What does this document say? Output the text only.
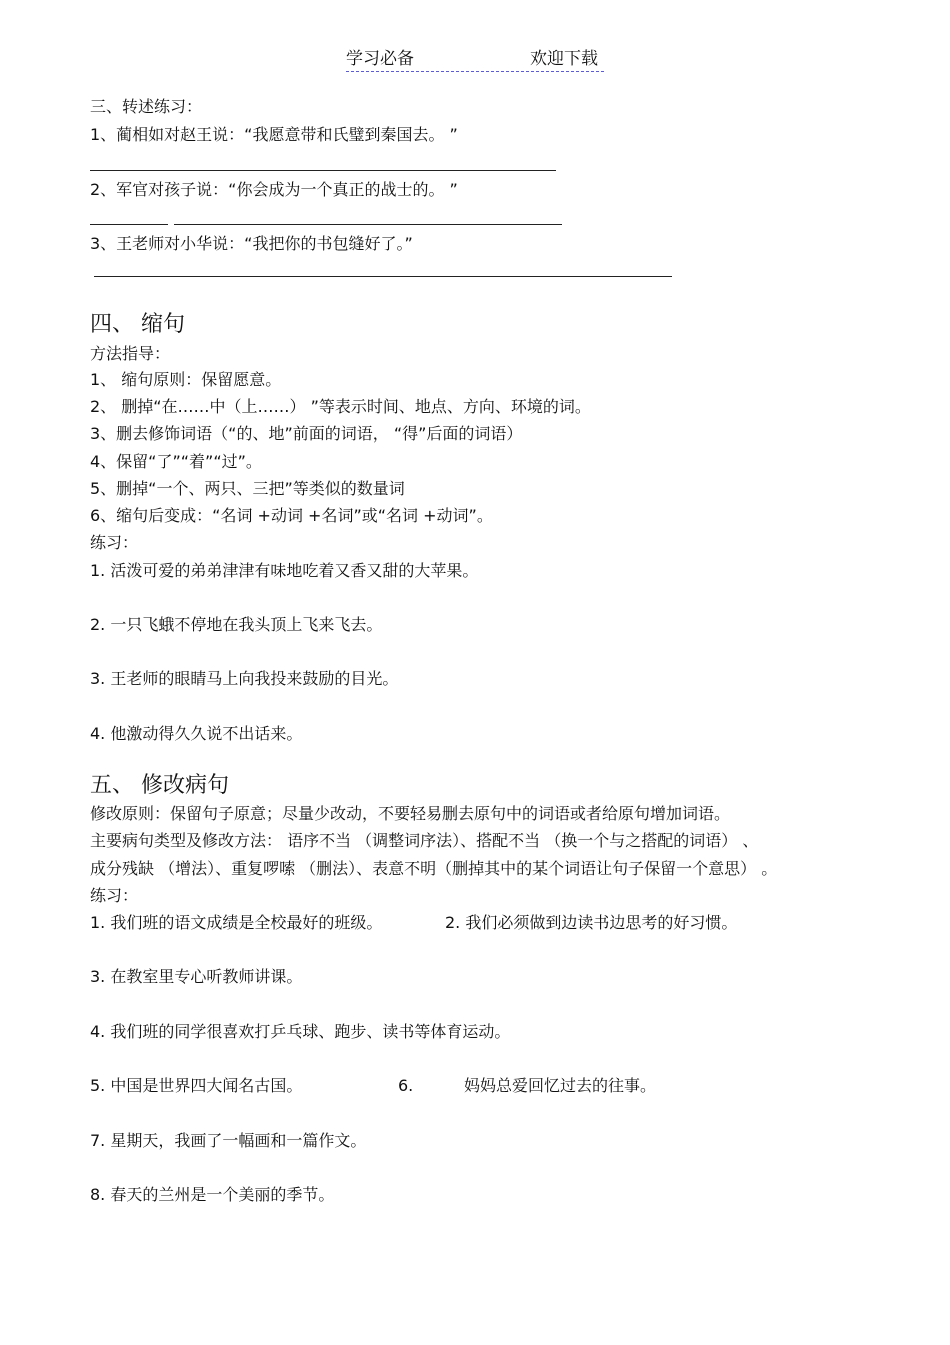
学习必备	欢迎下载
三、转述练习：
1、蔺相如对赵王说：“我愿意带和氏璧到秦国去。 ”
2、军官对孩子说：“你会成为一个真正的战士的。 ”
3、王老师对小华说：“我把你的书包缝好了。”
四、 缩句
方法指导：
1、 缩句原则：保留愿意。
2、 删掉“在……中（上……） ”等表示时间、地点、方向、环境的词。
3、删去修饰词语（“的、地”前面的词语， “得”后面的词语）
4、保留“了”“着”“过”。
5、删掉“一个、两只、三把”等类似的数量词
6、缩句后变成：“名词 +动词 +名词”或“名词 +动词”。
练习：
1. 活泼可爱的弟弟津津有味地吃着又香又甜的大苹果。
2. 一只飞蛾不停地在我头顶上飞来飞去。
3. 王老师的眼睛马上向我投来鼓励的目光。
4. 他激动得久久说不出话来。
五、 修改病句
修改原则：保留句子原意；尽量少改动，不要轻易删去原句中的词语或者给原句增加词语。
主要病句类型及修改方法： 语序不当 （调整词序法）、搭配不当 （换一个与之搭配的词语） 、
成分残缺 （增法）、重复啰嗦 （删法）、表意不明（删掉其中的某个词语让句子保留一个意思） 。
练习：
1. 我们班的语文成绩是全校最好的班级。	2. 我们必须做到边读书边思考的好习惯。
3. 在教室里专心听教师讲课。
4. 我们班的同学很喜欢打乒乓球、跑步、读书等体育运动。
5. 中国是世界四大闻名古国。	6.	妈妈总爱回忆过去的往事。
7. 星期天，我画了一幅画和一篇作文。
8. 春天的兰州是一个美丽的季节。
